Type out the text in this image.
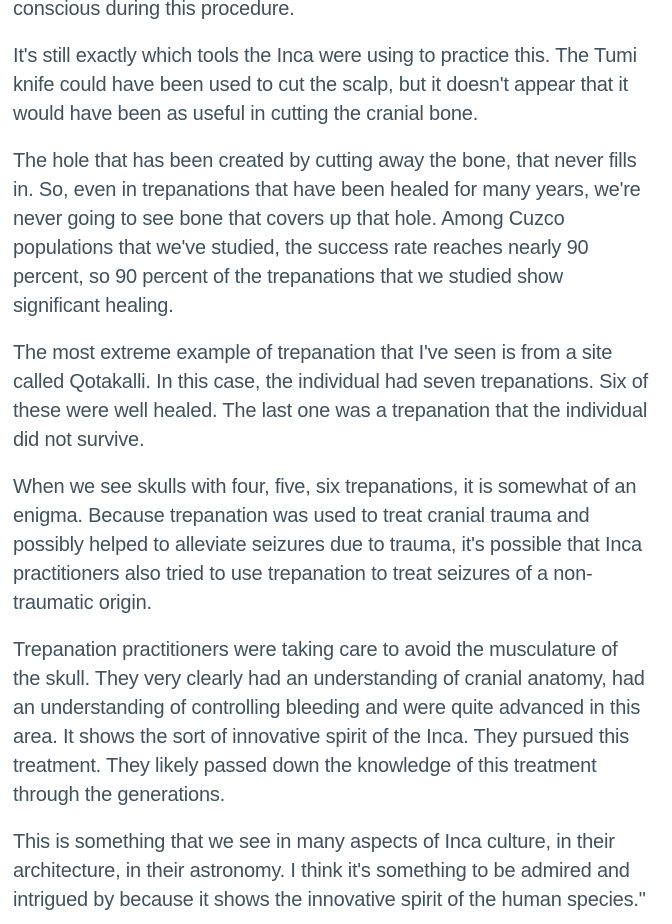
conscious during this procedure.

It's still exactly which tools the Inca were using to practice this. The Tumi knife could have been used to cut the scalp, but it doesn't appear that it would have been as useful in cutting the cranial bone.

The hole that has been created by cutting away the bone, that never fills in. So, even in trepanations that have been healed for many years, we're never going to see bone that covers up that hole. Among Cuzco populations that we've studied, the success rate reaches nearly 90 percent, so 90 percent of the trepanations that we studied show significant healing.

The most extreme example of trepanation that I've seen is from a site called Qotakalli. In this case, the individual had seven trepanations. Six of these were well healed. The last one was a trepanation that the individual did not survive.

When we see skulls with four, five, six trepanations, it is somewhat of an enigma. Because trepanation was used to treat cranial trauma and possibly helped to alleviate seizures due to trauma, it's possible that Inca practitioners also tried to use trepanation to treat seizures of a non-traumatic origin.

Trepanation practitioners were taking care to avoid the musculature of the skull. They very clearly had an understanding of cranial anatomy, had an understanding of controlling bleeding and were quite advanced in this area. It shows the sort of innovative spirit of the Inca. They pursued this treatment. They likely passed down the knowledge of this treatment through the generations.

This is something that we see in many aspects of Inca culture, in their architecture, in their astronomy. I think it's something to be admired and intrigued by because it shows the innovative spirit of the human species."
